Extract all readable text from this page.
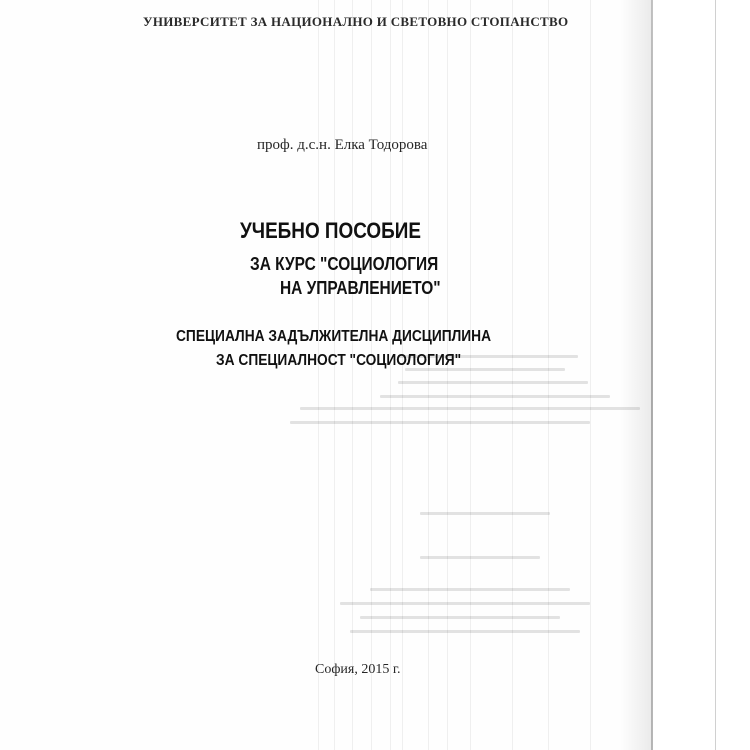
УНИВЕРСИТЕТ ЗА НАЦИОНАЛНО И СВЕТОВНО СТОПАНСТВО
проф. д.с.н. Елка Тодорова
УЧЕБНО ПОСОБИЕ
ЗА КУРС "СОЦИОЛОГИЯ
НА УПРАВЛЕНИЕТО"
СПЕЦИАЛНА ЗАДЪЛЖИТЕЛНА ДИСЦИПЛИНА
ЗА СПЕЦИАЛНОСТ "СОЦИОЛОГИЯ"
София, 2015 г.
